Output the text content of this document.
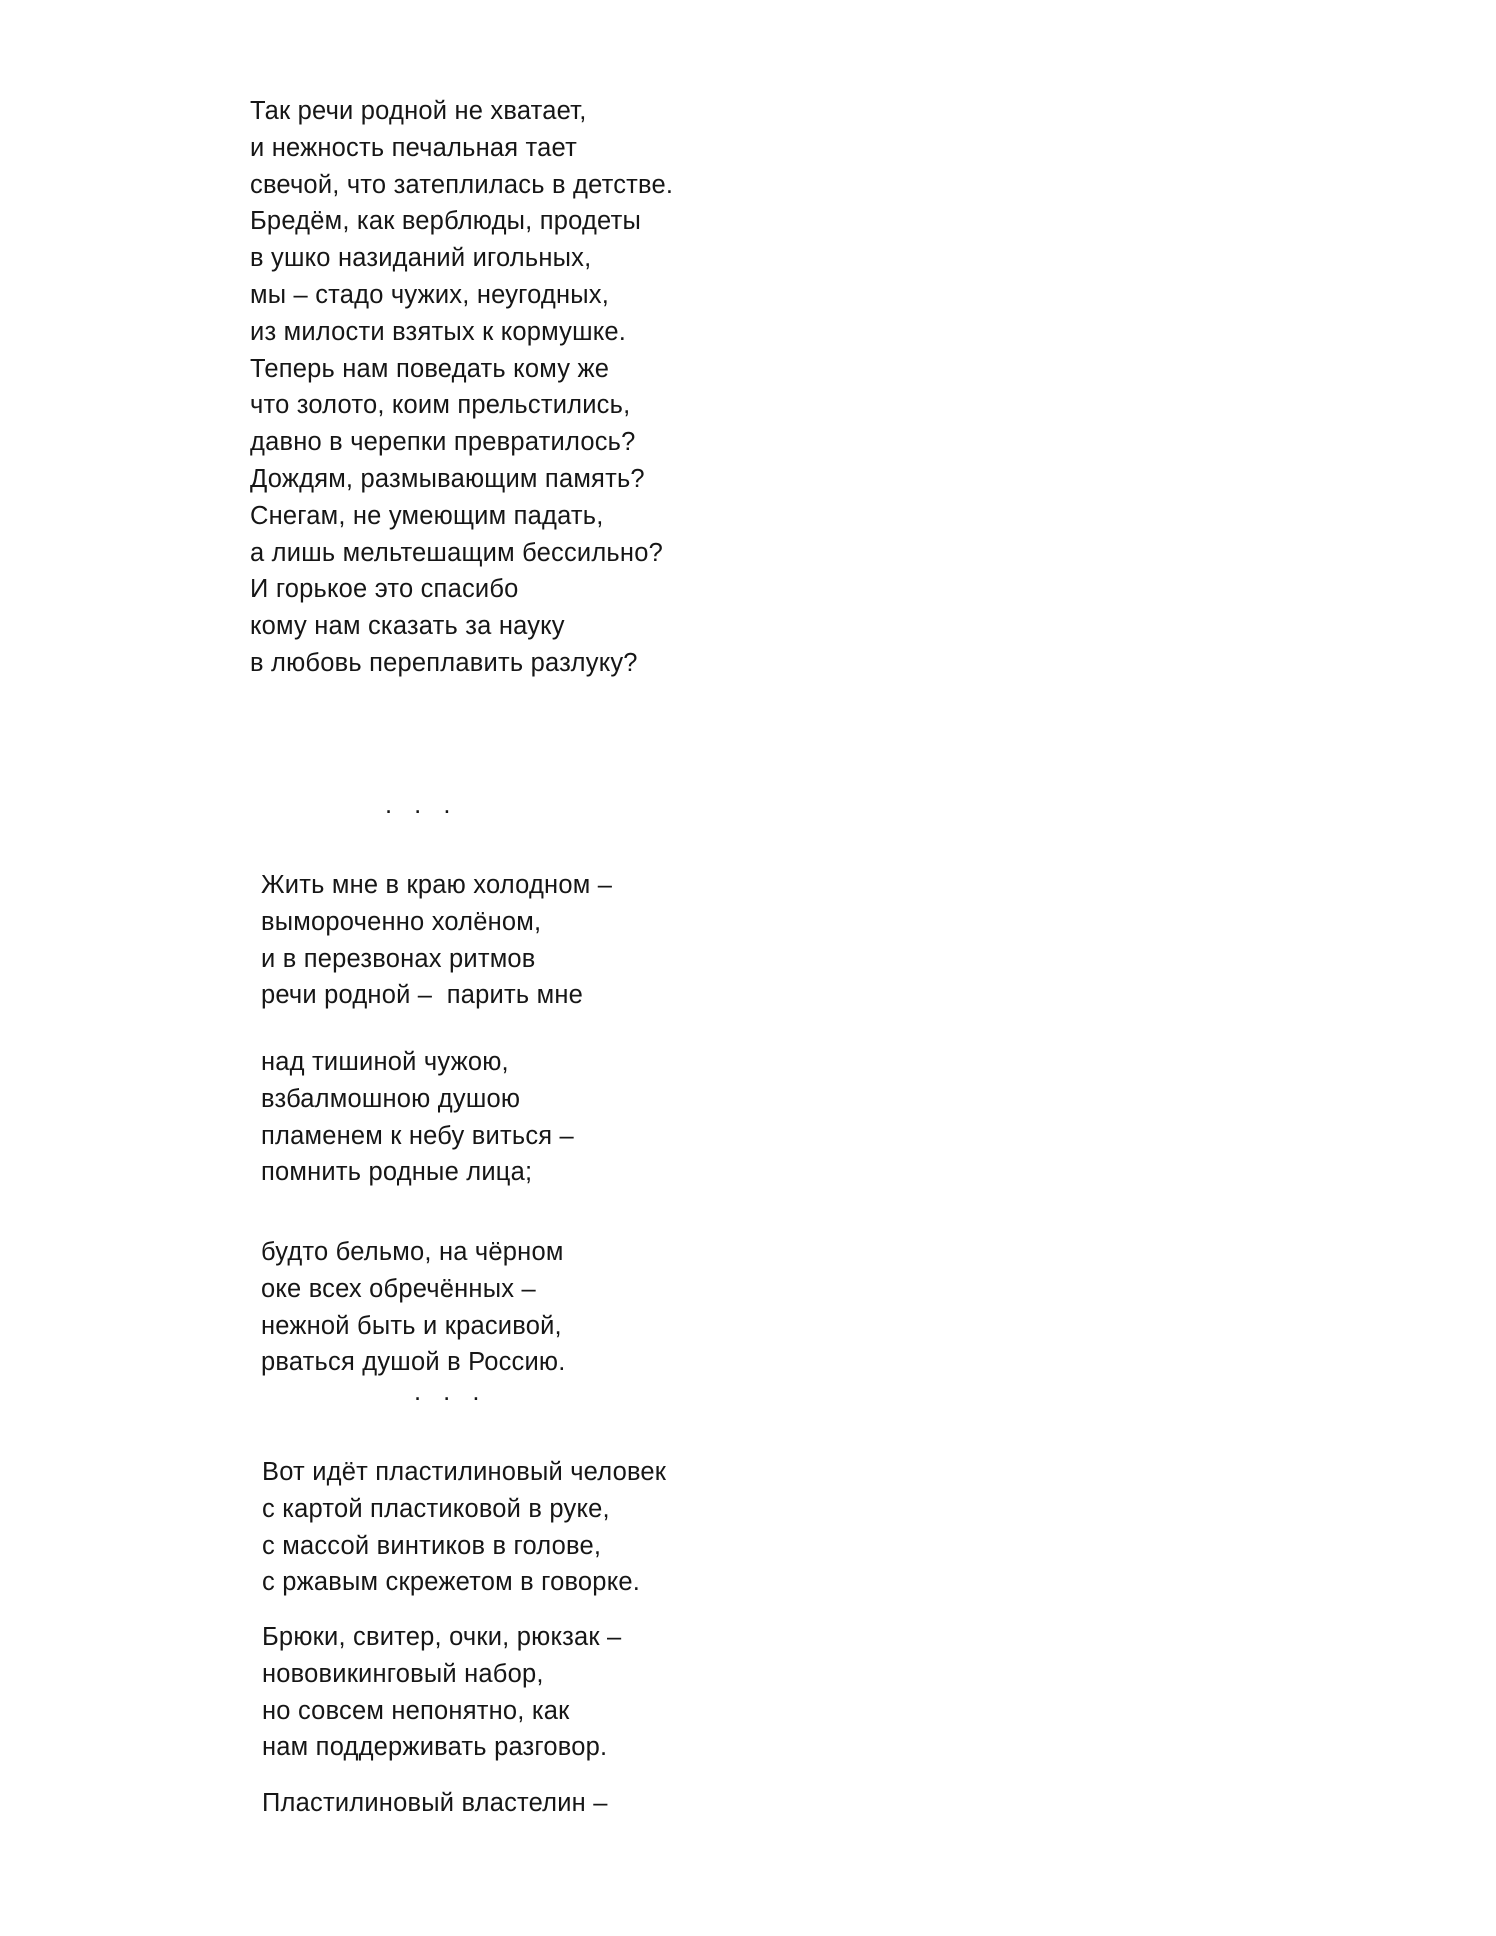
Так речи родной не хватает,
и нежность печальная тает
свечой, что затеплилась в детстве.
Бредём, как верблюды, продеты
в ушко назиданий игольных,
мы – стадо чужих, неугодных,
из милости взятых к кормушке.
Теперь нам поведать кому же
что золото, коим прельстились,
давно в черепки превратилось?
Дождям, размывающим память?
Снегам, не умеющим падать,
а лишь мельтешащим бессильно?
И горькое это спасибо
кому нам сказать за науку
в любовь переплавить разлуку?
. . .
Жить мне в краю холодном –
вымороченно холёном,
и в перезвонах ритмов
речи родной –  парить мне
над тишиной чужою,
взбалмошною душою
пламенем к небу виться –
помнить родные лица;
будто бельмо, на чёрном
оке всех обречённых –
нежной быть и красивой,
рваться душой в Россию.
. . .
Вот идёт пластилиновый человек
с картой пластиковой в руке,
с массой винтиков в голове,
с ржавым скрежетом в говорке.
Брюки, свитер, очки, рюкзак –
нововикинговый набор,
но совсем непонятно, как
нам поддерживать разговор.
Пластилиновый властелин –
